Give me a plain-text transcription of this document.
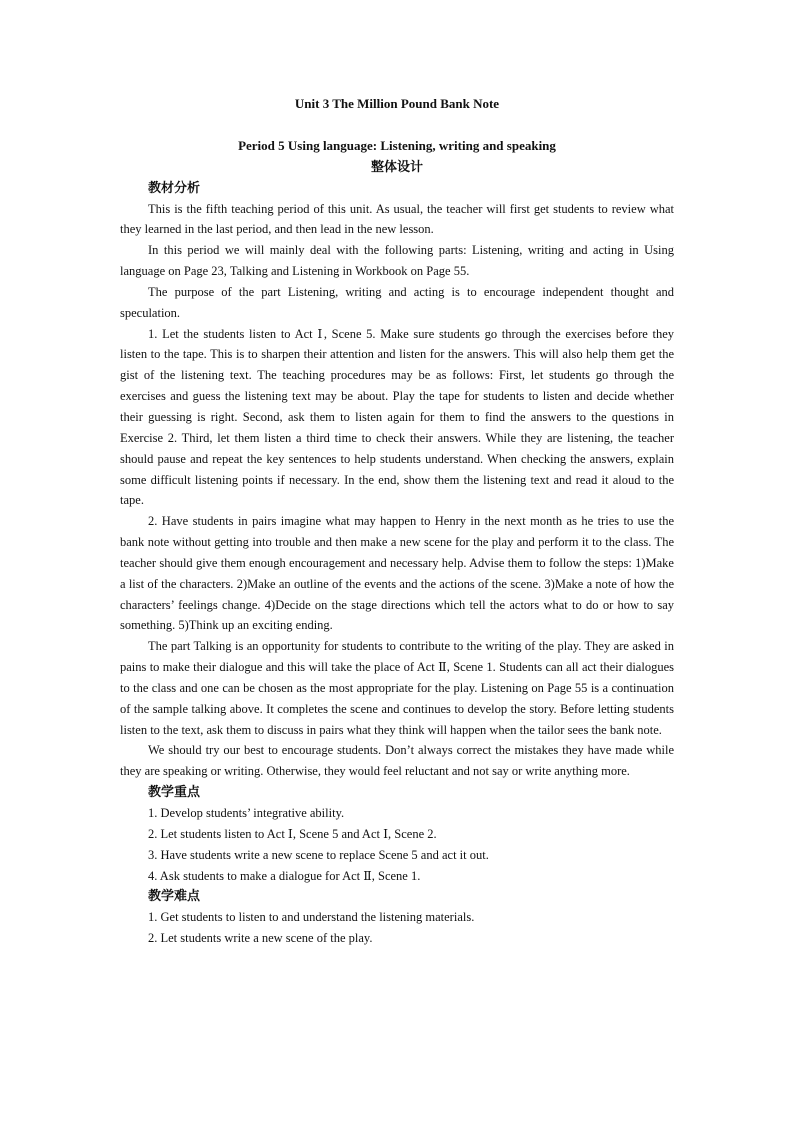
Unit 3 The Million Pound Bank Note
Period 5 Using language: Listening, writing and speaking
整体设计
教材分析

This is the fifth teaching period of this unit. As usual, the teacher will first get students to review what they learned in the last period, and then lead in the new lesson.

In this period we will mainly deal with the following parts: Listening, writing and acting in Using language on Page 23, Talking and Listening in Workbook on Page 55.

The purpose of the part Listening, writing and acting is to encourage independent thought and speculation.

1. Let the students listen to Act Ⅰ, Scene 5. Make sure students go through the exercises before they listen to the tape. This is to sharpen their attention and listen for the answers. This will also help them get the gist of the listening text. The teaching procedures may be as follows: First, let students go through the exercises and guess the listening text may be about. Play the tape for students to listen and decide whether their guessing is right. Second, ask them to listen again for them to find the answers to the questions in Exercise 2. Third, let them listen a third time to check their answers. While they are listening, the teacher should pause and repeat the key sentences to help students understand. When checking the answers, explain some difficult listening points if necessary. In the end, show them the listening text and read it aloud to the tape.

2. Have students in pairs imagine what may happen to Henry in the next month as he tries to use the bank note without getting into trouble and then make a new scene for the play and perform it to the class. The teacher should give them enough encouragement and necessary help. Advise them to follow the steps: 1)Make a list of the characters. 2)Make an outline of the events and the actions of the scene. 3)Make a note of how the characters’ feelings change. 4)Decide on the stage directions which tell the actors what to do or how to say something. 5)Think up an exciting ending.

The part Talking is an opportunity for students to contribute to the writing of the play. They are asked in pains to make their dialogue and this will take the place of Act Ⅱ, Scene 1. Students can all act their dialogues to the class and one can be chosen as the most appropriate for the play. Listening on Page 55 is a continuation of the sample talking above. It completes the scene and continues to develop the story. Before letting students listen to the text, ask them to discuss in pairs what they think will happen when the tailor sees the bank note.

We should try our best to encourage students. Don’t always correct the mistakes they have made while they are speaking or writing. Otherwise, they would feel reluctant and not say or write anything more.

教学重点

1. Develop students’ integrative ability.

2. Let students listen to Act Ⅰ, Scene 5 and Act Ⅰ, Scene 2.

3. Have students write a new scene to replace Scene 5 and act it out.

4. Ask students to make a dialogue for Act Ⅱ, Scene 1.

教学难点

1. Get students to listen to and understand the listening materials.

2. Let students write a new scene of the play.
